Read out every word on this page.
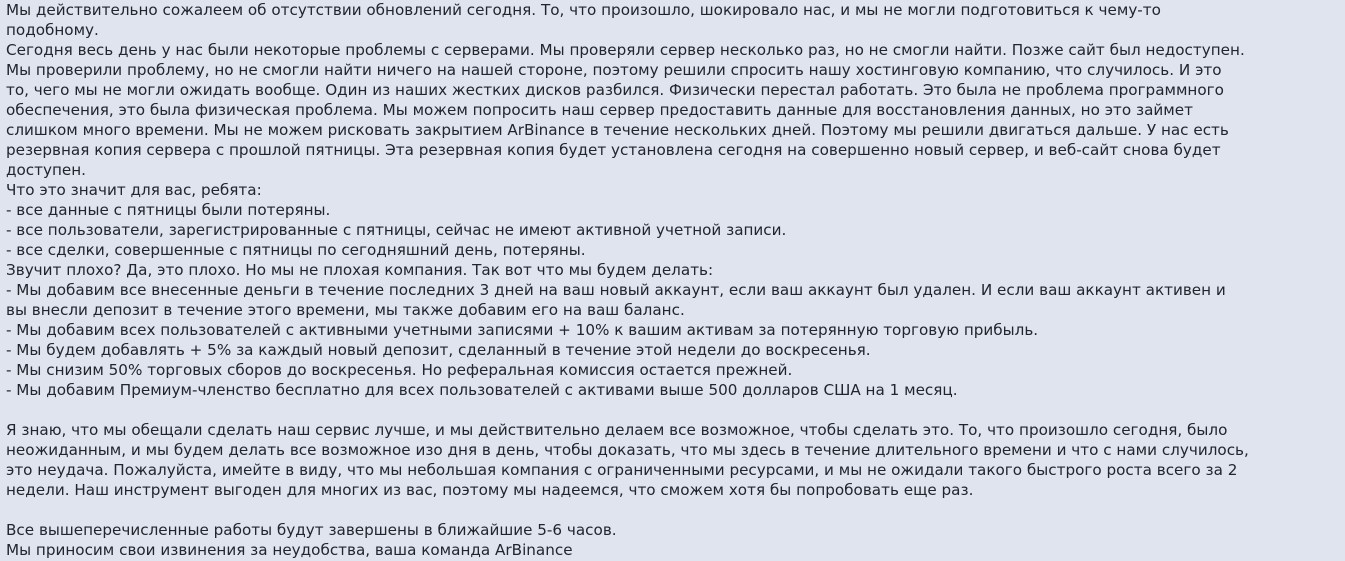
Мы действительно сожалеем об отсутствии обновлений сегодня. То, что произошло, шокировало нас, и мы не могли подготовиться к чему-то
подобному.
Сегодня весь день у нас были некоторые проблемы с серверами. Мы проверяли сервер несколько раз, но не смогли найти. Позже сайт был недоступен.
Мы проверили проблему, но не смогли найти ничего на нашей стороне, поэтому решили спросить нашу хостинговую компанию, что случилось. И это
то, чего мы не могли ожидать вообще. Один из наших жестких дисков разбился. Физически перестал работать. Это была не проблема программного
обеспечения, это была физическая проблема. Мы можем попросить наш сервер предоставить данные для восстановления данных, но это займет
слишком много времени. Мы не можем рисковать закрытием ArBinance в течение нескольких дней. Поэтому мы решили двигаться дальше. У нас есть
резервная копия сервера с прошлой пятницы. Эта резервная копия будет установлена сегодня на совершенно новый сервер, и веб-сайт снова будет
доступен.
Что это значит для вас, ребята:
- все данные с пятницы были потеряны.
- все пользователи, зарегистрированные с пятницы, сейчас не имеют активной учетной записи.
- все сделки, совершенные с пятницы по сегодняшний день, потеряны.
Звучит плохо? Да, это плохо. Но мы не плохая компания. Так вот что мы будем делать:
- Мы добавим все внесенные деньги в течение последних 3 дней на ваш новый аккаунт, если ваш аккаунт был удален. И если ваш аккаунт активен и
вы внесли депозит в течение этого времени, мы также добавим его на ваш баланс.
- Мы добавим всех пользователей с активными учетными записями + 10% к вашим активам за потерянную торговую прибыль.
- Мы будем добавлять + 5% за каждый новый депозит, сделанный в течение этой недели до воскресенья.
- Мы снизим 50% торговых сборов до воскресенья. Но реферальная комиссия остается прежней.
- Мы добавим Премиум-членство бесплатно для всех пользователей с активами выше 500 долларов США на 1 месяц.
Я знаю, что мы обещали сделать наш сервис лучше, и мы действительно делаем все возможное, чтобы сделать это. То, что произошло сегодня, было
неожиданным, и мы будем делать все возможное изо дня в день, чтобы доказать, что мы здесь в течение длительного времени и что с нами случилось,
это неудача. Пожалуйста, имейте в виду, что мы небольшая компания с ограниченными ресурсами, и мы не ожидали такого быстрого роста всего за 2
недели. Наш инструмент выгоден для многих из вас, поэтому мы надеемся, что сможем хотя бы попробовать еще раз.
Все вышеперечисленные работы будут завершены в ближайшие 5-6 часов.
Мы приносим свои извинения за неудобства, ваша команда ArBinance
